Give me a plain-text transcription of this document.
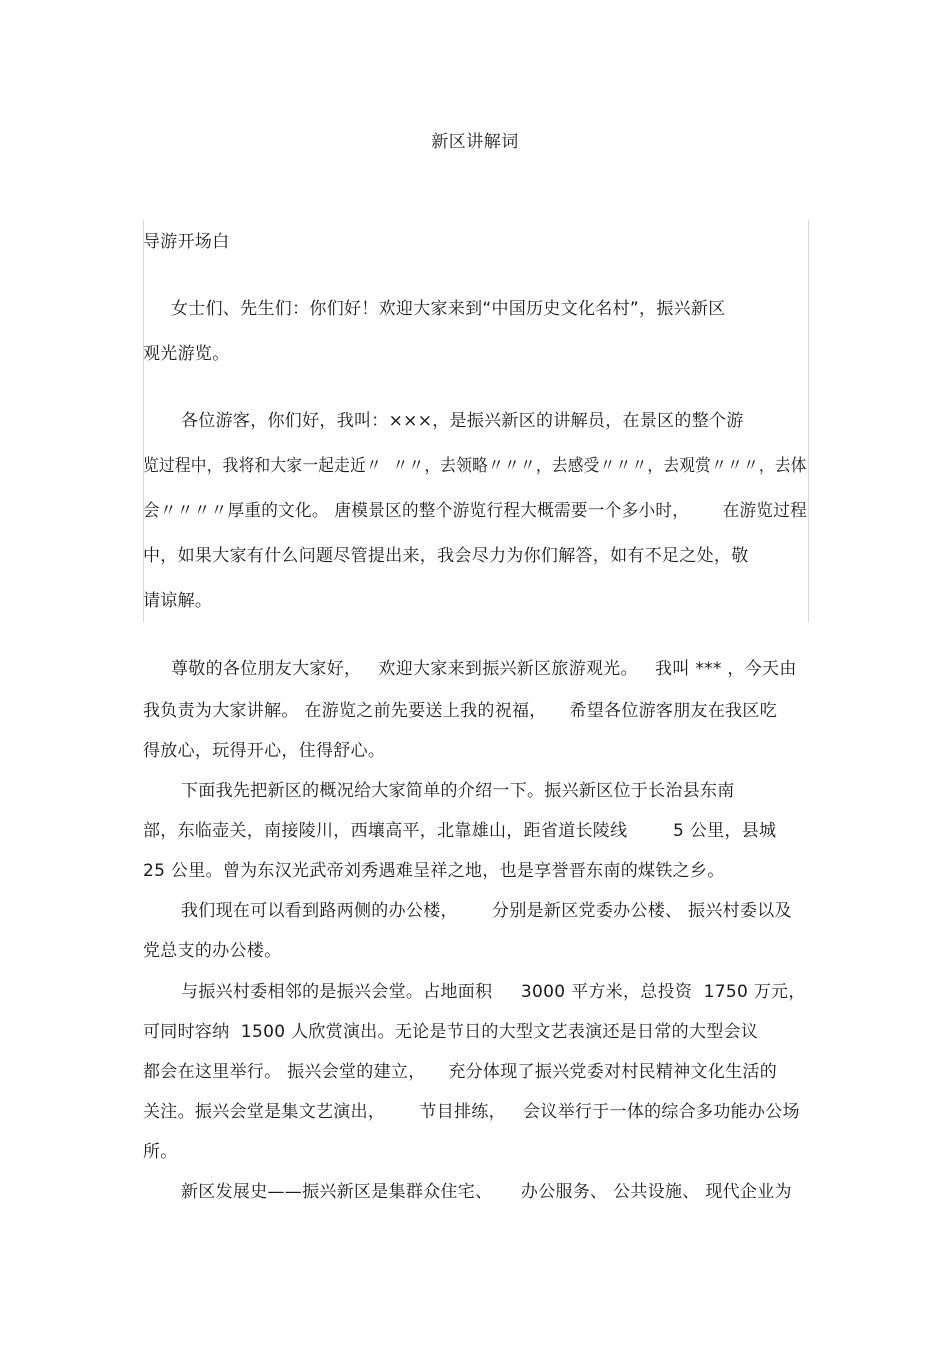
新区讲解词
导游开场白
女士们、先生们：你们好！欢迎大家来到“中国历史文化名村”，振兴新区
观光游览。
各位游客，你们好，我叫：×××，是振兴新区的讲解员，在景区的整个游
览过程中，我将和大家一起走近〃  〃〃，去领略〃〃〃，去感受〃〃〃，去观赏〃〃〃，去体
会〃〃〃〃厚重的文化。 唐模景区的整个游览行程大概需要一个多小时，      在游览过程
中，如果大家有什么问题尽管提出来，我会尽力为你们解答，如有不足之处，敬
请谅解。
尊敬的各位朋友大家好，   欢迎大家来到振兴新区旅游观光。   我叫 *** ，今天由
我负责为大家讲解。 在游览之前先要送上我的祝福，    希望各位游客朋友在我区吃
得放心，玩得开心，住得舒心。
下面我先把新区的概况给大家简单的介绍一下。振兴新区位于长治县东南
部，东临壶关，南接陵川，西壤高平，北靠雄山，距省道长陵线        5 公里，县城
25 公里。曾为东汉光武帝刘秀遇难呈祥之地，也是享誉晋东南的煤铁之乡。
我们现在可以看到路两侧的办公楼，      分别是新区党委办公楼、 振兴村委以及
党总支的办公楼。
与振兴村委相邻的是振兴会堂。占地面积     3000 平方米，总投资  1750 万元，
可同时容纳  1500 人欣赏演出。无论是节日的大型文艺表演还是日常的大型会议
都会在这里举行。 振兴会堂的建立，    充分体现了振兴党委对村民精神文化生活的
关注。振兴会堂是集文艺演出，      节目排练，   会议举行于一体的综合多功能办公场
所。
新区发展史——振兴新区是集群众住宅、     办公服务、 公共设施、 现代企业为
